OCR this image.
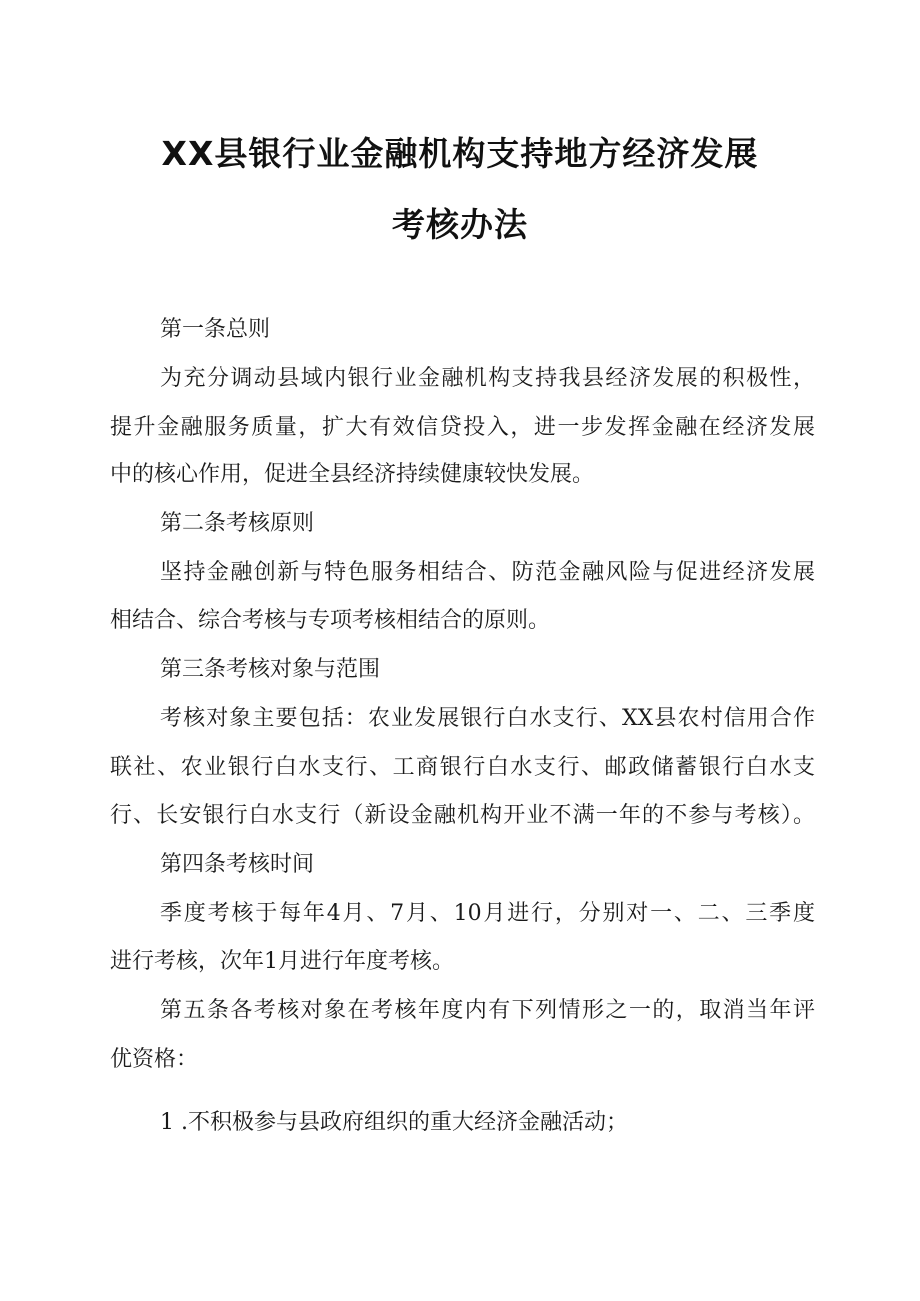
XX县银行业金融机构支持地方经济发展
考核办法
第一条总则
为充分调动县域内银行业金融机构支持我县经济发展的积极性，
提升金融服务质量，扩大有效信贷投入，进一步发挥金融在经济发展
中的核心作用，促进全县经济持续健康较快发展。
第二条考核原则
坚持金融创新与特色服务相结合、防范金融风险与促进经济发展
相结合、综合考核与专项考核相结合的原则。
第三条考核对象与范围
考核对象主要包括：农业发展银行白水支行、XX县农村信用合作
联社、农业银行白水支行、工商银行白水支行、邮政储蓄银行白水支
行、长安银行白水支行（新设金融机构开业不满一年的不参与考核）。
第四条考核时间
季度考核于每年4月、7月、10月进行，分别对一、二、三季度
进行考核，次年1月进行年度考核。
第五条各考核对象在考核年度内有下列情形之一的，取消当年评
优资格：
1 .不积极参与县政府组织的重大经济金融活动；
